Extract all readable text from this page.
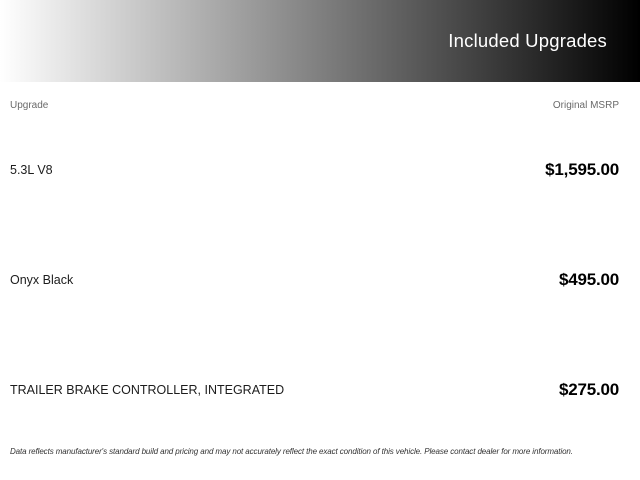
Included Upgrades
Upgrade	Original MSRP
5.3L V8	$1,595.00
Onyx Black	$495.00
TRAILER BRAKE CONTROLLER, INTEGRATED	$275.00
Data reflects manufacturer's standard build and pricing and may not accurately reflect the exact condition of this vehicle. Please contact dealer for more information.
